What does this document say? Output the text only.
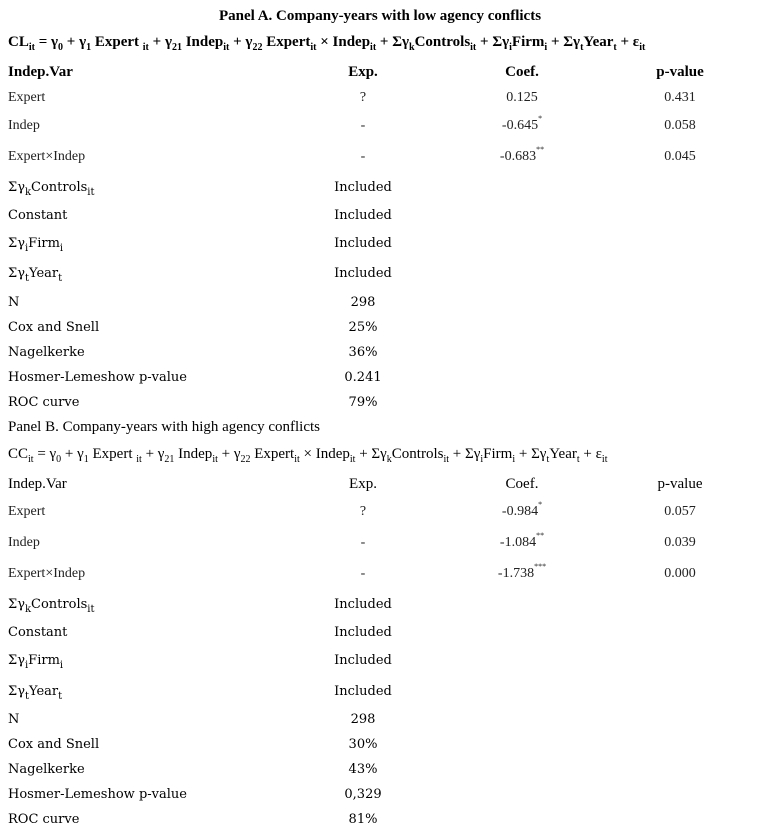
Panel A. Company-years with low agency conflicts
$CL_{it} = \gamma_0 + \gamma_1$ Expert $_{it} + \gamma_{21}$ Indep$_{it}$ + $\gamma_{22}$ Expert$_{it}$ × Indep$_{it}$ + $\Sigma\gamma_kControls_{it}$ + $\Sigma\gamma_iFirm_i$ + $\Sigma\gamma_tYear_t + \varepsilon_{it}$
Indep.Var	Exp.	Coef.	p-value
Expert	?	0.125	0.431
Indep	-	-0.645*	0.058
Expert×Indep	-	-0.683**	0.045
$\Sigma\gamma_kControls_{it}$	Included
Constant	Included
$\Sigma\gamma_iFirm_i$	Included
$\Sigma\gamma_tYear_t$	Included
N	298
Cox and Snell	25%
Nagelkerke	36%
Hosmer-Lemeshow p-value	0.241
ROC curve	79%
Panel B. Company-years with high agency conflicts
$CC_{it} = \gamma_0 + \gamma_1$ Expert $_{it} + \gamma_{21}$ Indep$_{it}$ + $\gamma_{22}$ Expert$_{it}$ × Indep$_{it}$ + $\Sigma\gamma_kControls_{it}$ + $\Sigma\gamma_iFirm_i$ + $\Sigma\gamma_tYear_t + \varepsilon_{it}$
Indep.Var	Exp.	Coef.	p-value
Expert	?	-0.984*	0.057
Indep	-	-1.084**	0.039
Expert×Indep	-	-1.738***	0.000
$\Sigma\gamma_kControls_{it}$	Included
Constant	Included
$\Sigma\gamma_iFirm_i$	Included
$\Sigma\gamma_tYear_t$	Included
N	298
Cox and Snell	30%
Nagelkerke	43%
Hosmer-Lemeshow p-value	0,329
ROC curve	81%
